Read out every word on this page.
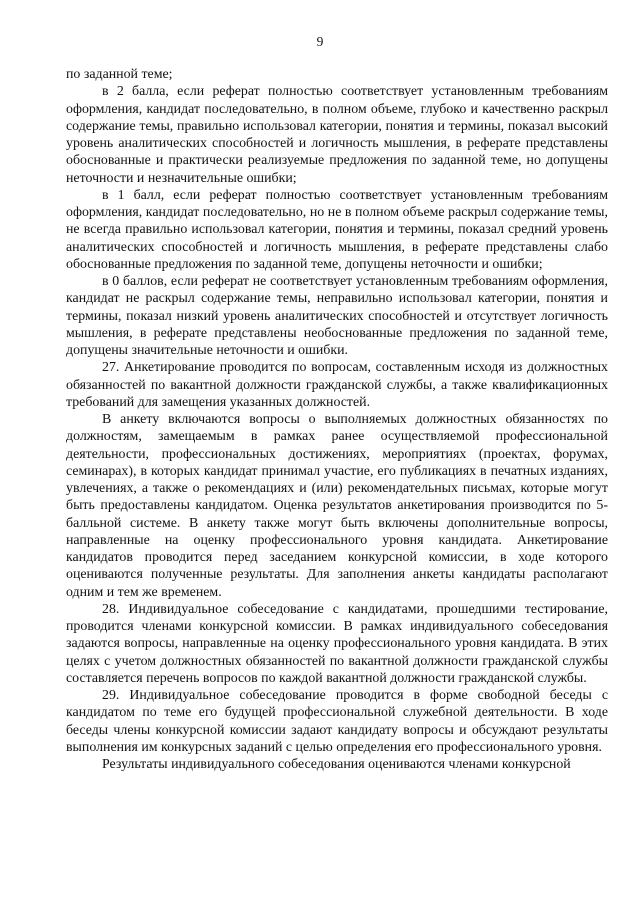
9

по заданной теме;

в 2 балла, если реферат полностью соответствует установленным требованиям оформления, кандидат последовательно, в полном объеме, глубоко и качественно раскрыл содержание темы, правильно использовал категории, понятия и термины, показал высокий уровень аналитических способностей и логичность мышления, в реферате представлены обоснованные и практически реализуемые предложения по заданной теме, но допущены неточности и незначительные ошибки;

в 1 балл, если реферат полностью соответствует установленным требованиям оформления, кандидат последовательно, но не в полном объеме раскрыл содержание темы, не всегда правильно использовал категории, понятия и термины, показал средний уровень аналитических способностей и логичность мышления, в реферате представлены слабо обоснованные предложения по заданной теме, допущены неточности и ошибки;

в 0 баллов, если реферат не соответствует установленным требованиям оформления, кандидат не раскрыл содержание темы, неправильно использовал категории, понятия и термины, показал низкий уровень аналитических способностей и отсутствует логичность мышления, в реферате представлены необоснованные предложения по заданной теме, допущены значительные неточности и ошибки.

27. Анкетирование проводится по вопросам, составленным исходя из должностных обязанностей по вакантной должности гражданской службы, а также квалификационных требований для замещения указанных должностей.

В анкету включаются вопросы о выполняемых должностных обязанностях по должностям, замещаемым в рамках ранее осуществляемой профессиональной деятельности, профессиональных достижениях, мероприятиях (проектах, форумах, семинарах), в которых кандидат принимал участие, его публикациях в печатных изданиях, увлечениях, а также о рекомендациях и (или) рекомендательных письмах, которые могут быть предоставлены кандидатом. Оценка результатов анкетирования производится по 5-балльной системе. В анкету также могут быть включены дополнительные вопросы, направленные на оценку профессионального уровня кандидата. Анкетирование кандидатов проводится перед заседанием конкурсной комиссии, в ходе которого оцениваются полученные результаты. Для заполнения анкеты кандидаты располагают одним и тем же временем.

28. Индивидуальное собеседование с кандидатами, прошедшими тестирование, проводится членами конкурсной комиссии. В рамках индивидуального собеседования задаются вопросы, направленные на оценку профессионального уровня кандидата. В этих целях с учетом должностных обязанностей по вакантной должности гражданской службы составляется перечень вопросов по каждой вакантной должности гражданской службы.

29. Индивидуальное собеседование проводится в форме свободной беседы с кандидатом по теме его будущей профессиональной служебной деятельности. В ходе беседы члены конкурсной комиссии задают кандидату вопросы и обсуждают результаты выполнения им конкурсных заданий с целью определения его профессионального уровня.

Результаты индивидуального собеседования оцениваются членами конкурсной
